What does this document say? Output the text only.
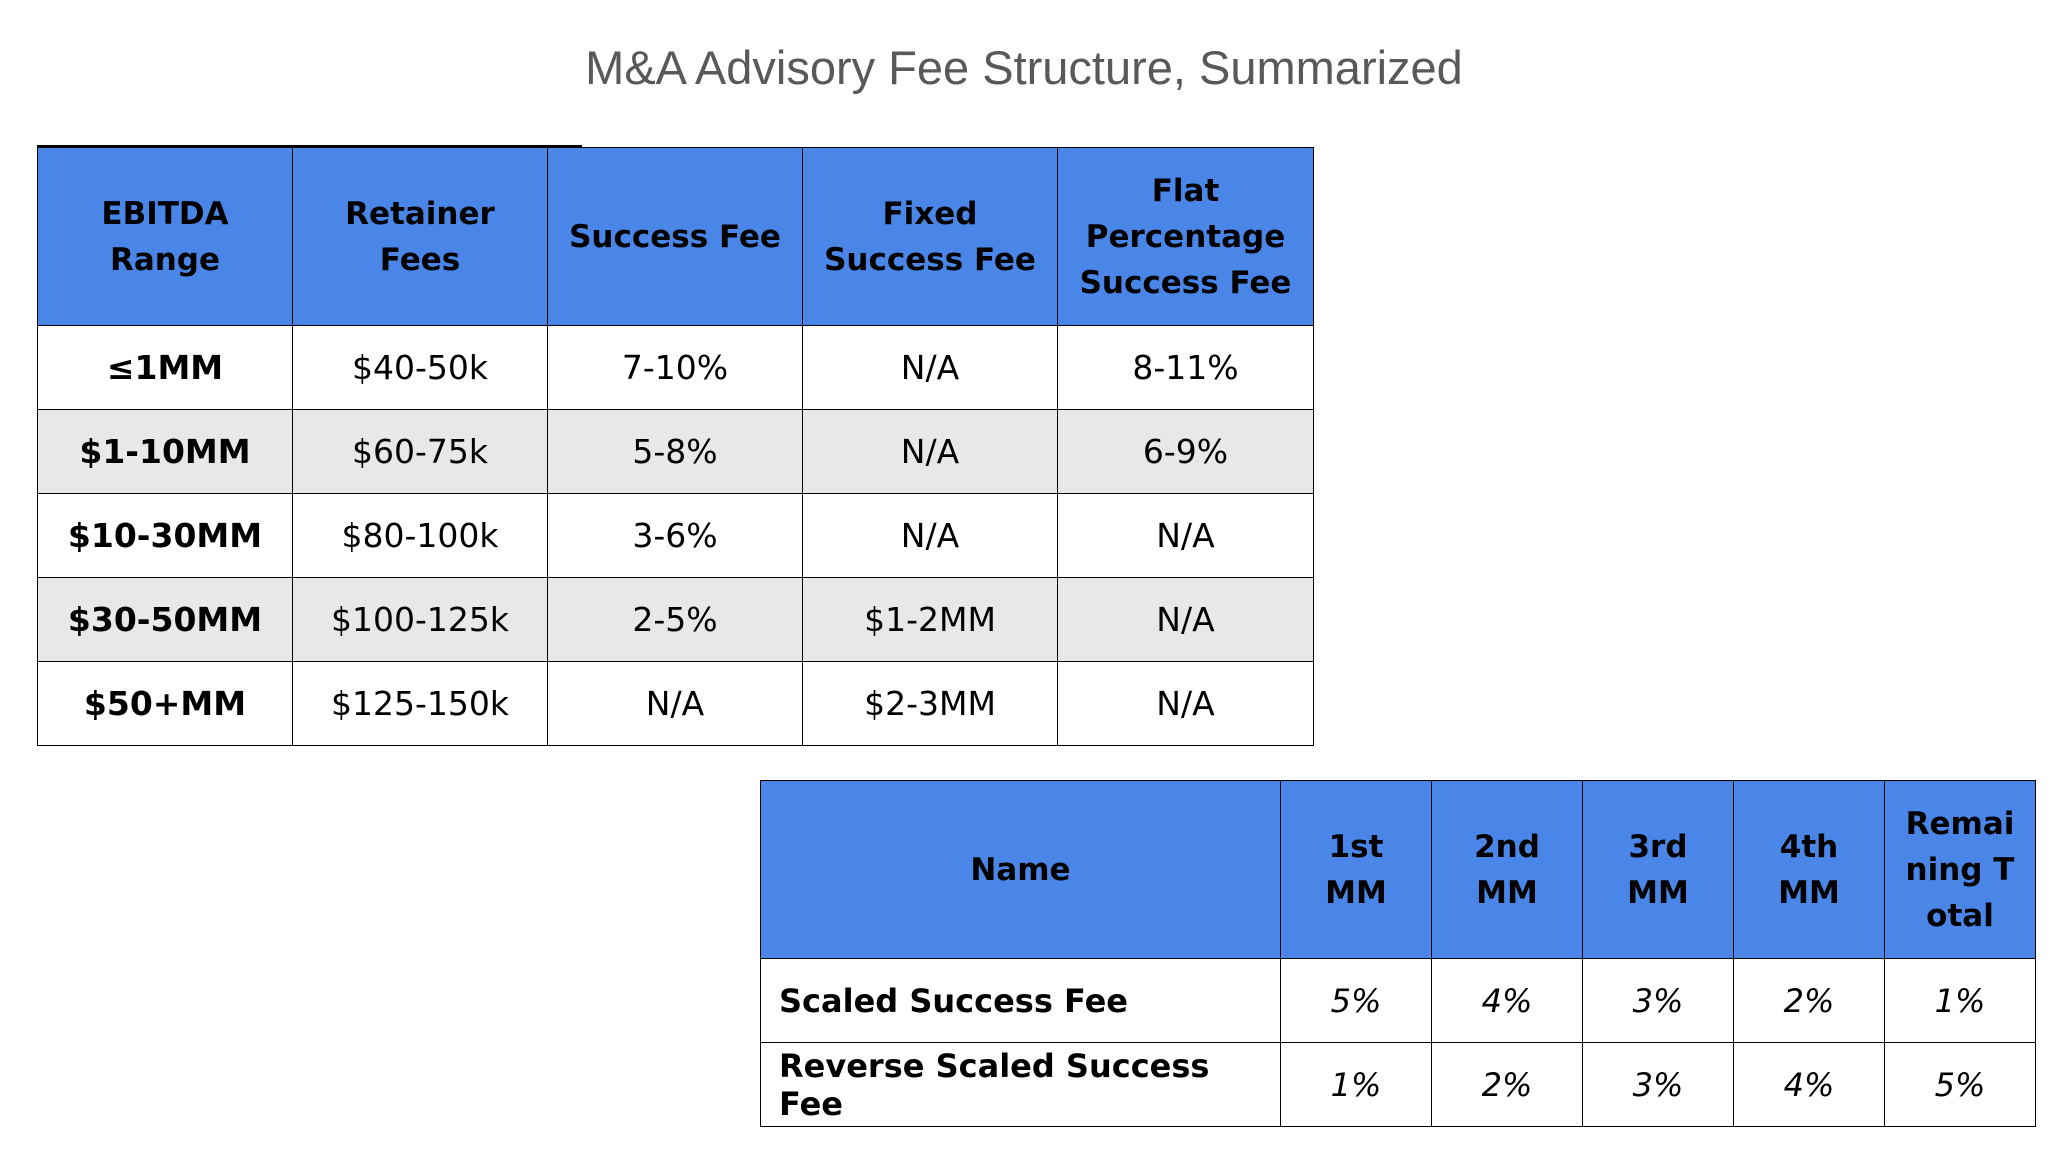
M&A Advisory Fee Structure, Summarized
EBITDA Range	Retainer Fees	Success Fee	Fixed Success Fee	Flat Percentage Success Fee
≤1MM	$40-50k	7-10%	N/A	8-11%
$1-10MM	$60-75k	5-8%	N/A	6-9%
$10-30MM	$80-100k	3-6%	N/A	N/A
$30-50MM	$100-125k	2-5%	$1-2MM	N/A
$50+MM	$125-150k	N/A	$2-3MM	N/A
Name	1st MM	2nd MM	3rd MM	4th MM	Remaining Total
Scaled Success Fee	5%	4%	3%	2%	1%
Reverse Scaled Success Fee	1%	2%	3%	4%	5%
